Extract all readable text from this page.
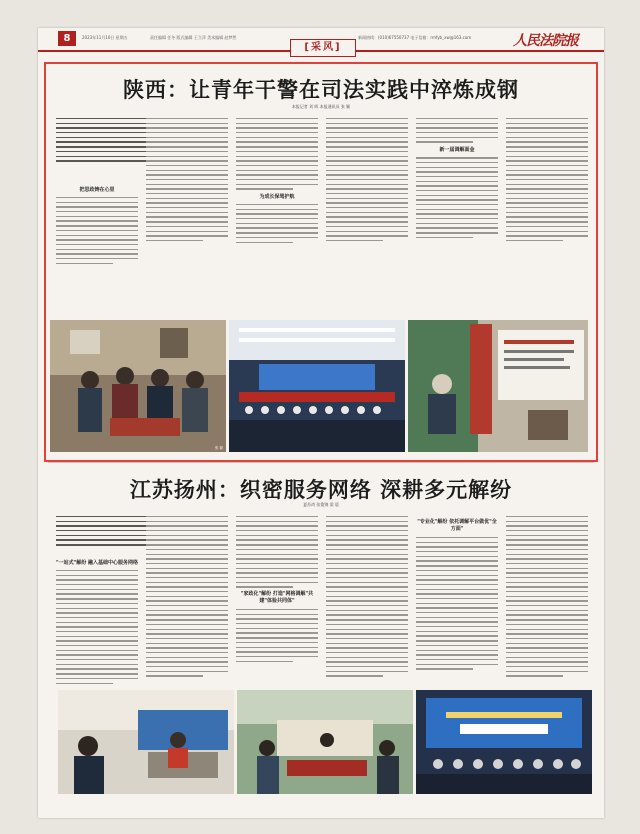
8	2023年11月10日 星期五	责任编辑 任冬 版式编辑 王立萍 美术编辑 赵梦然	新闻热线：(010)67550737 电子信箱：rmfyb_xw@163.com	人民法院报
[采风]
陕西：让青年干警在司法实践中淬炼成钢
本报记者 刘 晖 本报通讯员 张 颖
把思政铸在心里
为成长保驾护航
新一届调解面金
张 颖
江苏扬州：织密服务网络 深耕多元解纷
夏苏尚 张俊锦 梁 晨
"一站式"解纷 融入基础中心服务网络
"家政化"解纷 打造"网格调解"共建"体验共同体"
"专业化"解纷 依托调解平台做优"全方面"
